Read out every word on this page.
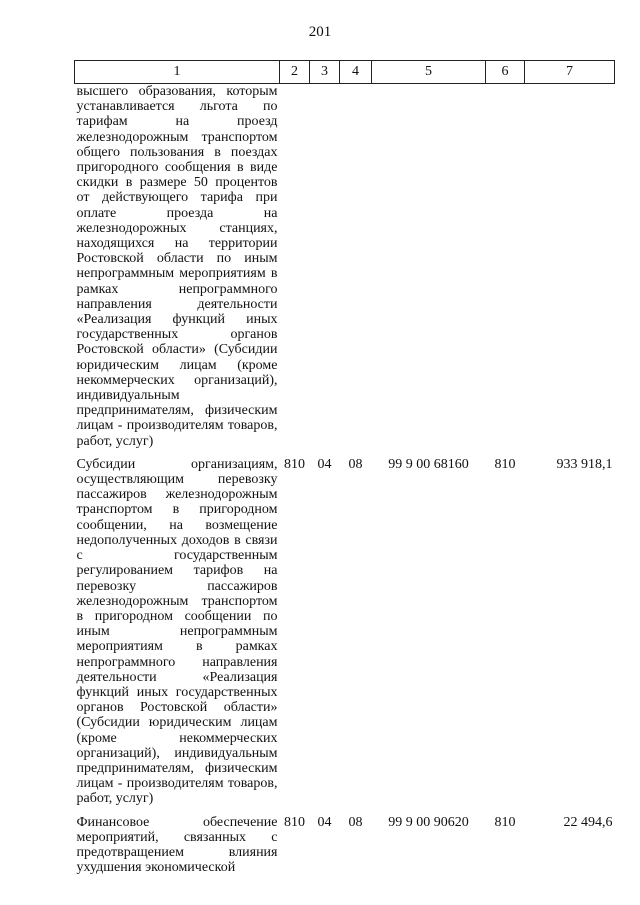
201
1	2	3	4	5	6	7
высшего образования, которым устанавливается льгота по тарифам на проезд железнодорожным транспортом общего пользования в поездах пригородного сообщения в виде скидки в размере 50 процентов от действующего тарифа при оплате проезда на железнодорожных станциях, находящихся на территории Ростовской области по иным непрограммным мероприятиям в рамках непрограммного направления деятельности «Реализация функций иных государственных органов Ростовской области» (Субсидии юридическим лицам (кроме некоммерческих организаций), индивидуальным предпринимателям, физическим лицам - производителям товаров, работ, услуг)						
Субсидии организациям, осуществляющим перевозку пассажиров железнодорожным транспортом в пригородном сообщении, на возмещение недополученных доходов в связи с государственным регулированием тарифов на перевозку пассажиров железнодорожным транспортом в пригородном сообщении по иным непрограммным мероприятиям в рамках непрограммного направления деятельности «Реализация функций иных государственных органов Ростовской области» (Субсидии юридическим лицам (кроме некоммерческих организаций), индивидуальным предпринимателям, физическим лицам - производителям товаров, работ, услуг)	810	04	08	99 9 00 68160	810	933 918,1
Финансовое обеспечение мероприятий, связанных с предотвращением влияния ухудшения экономической	810	04	08	99 9 00 90620	810	22 494,6
